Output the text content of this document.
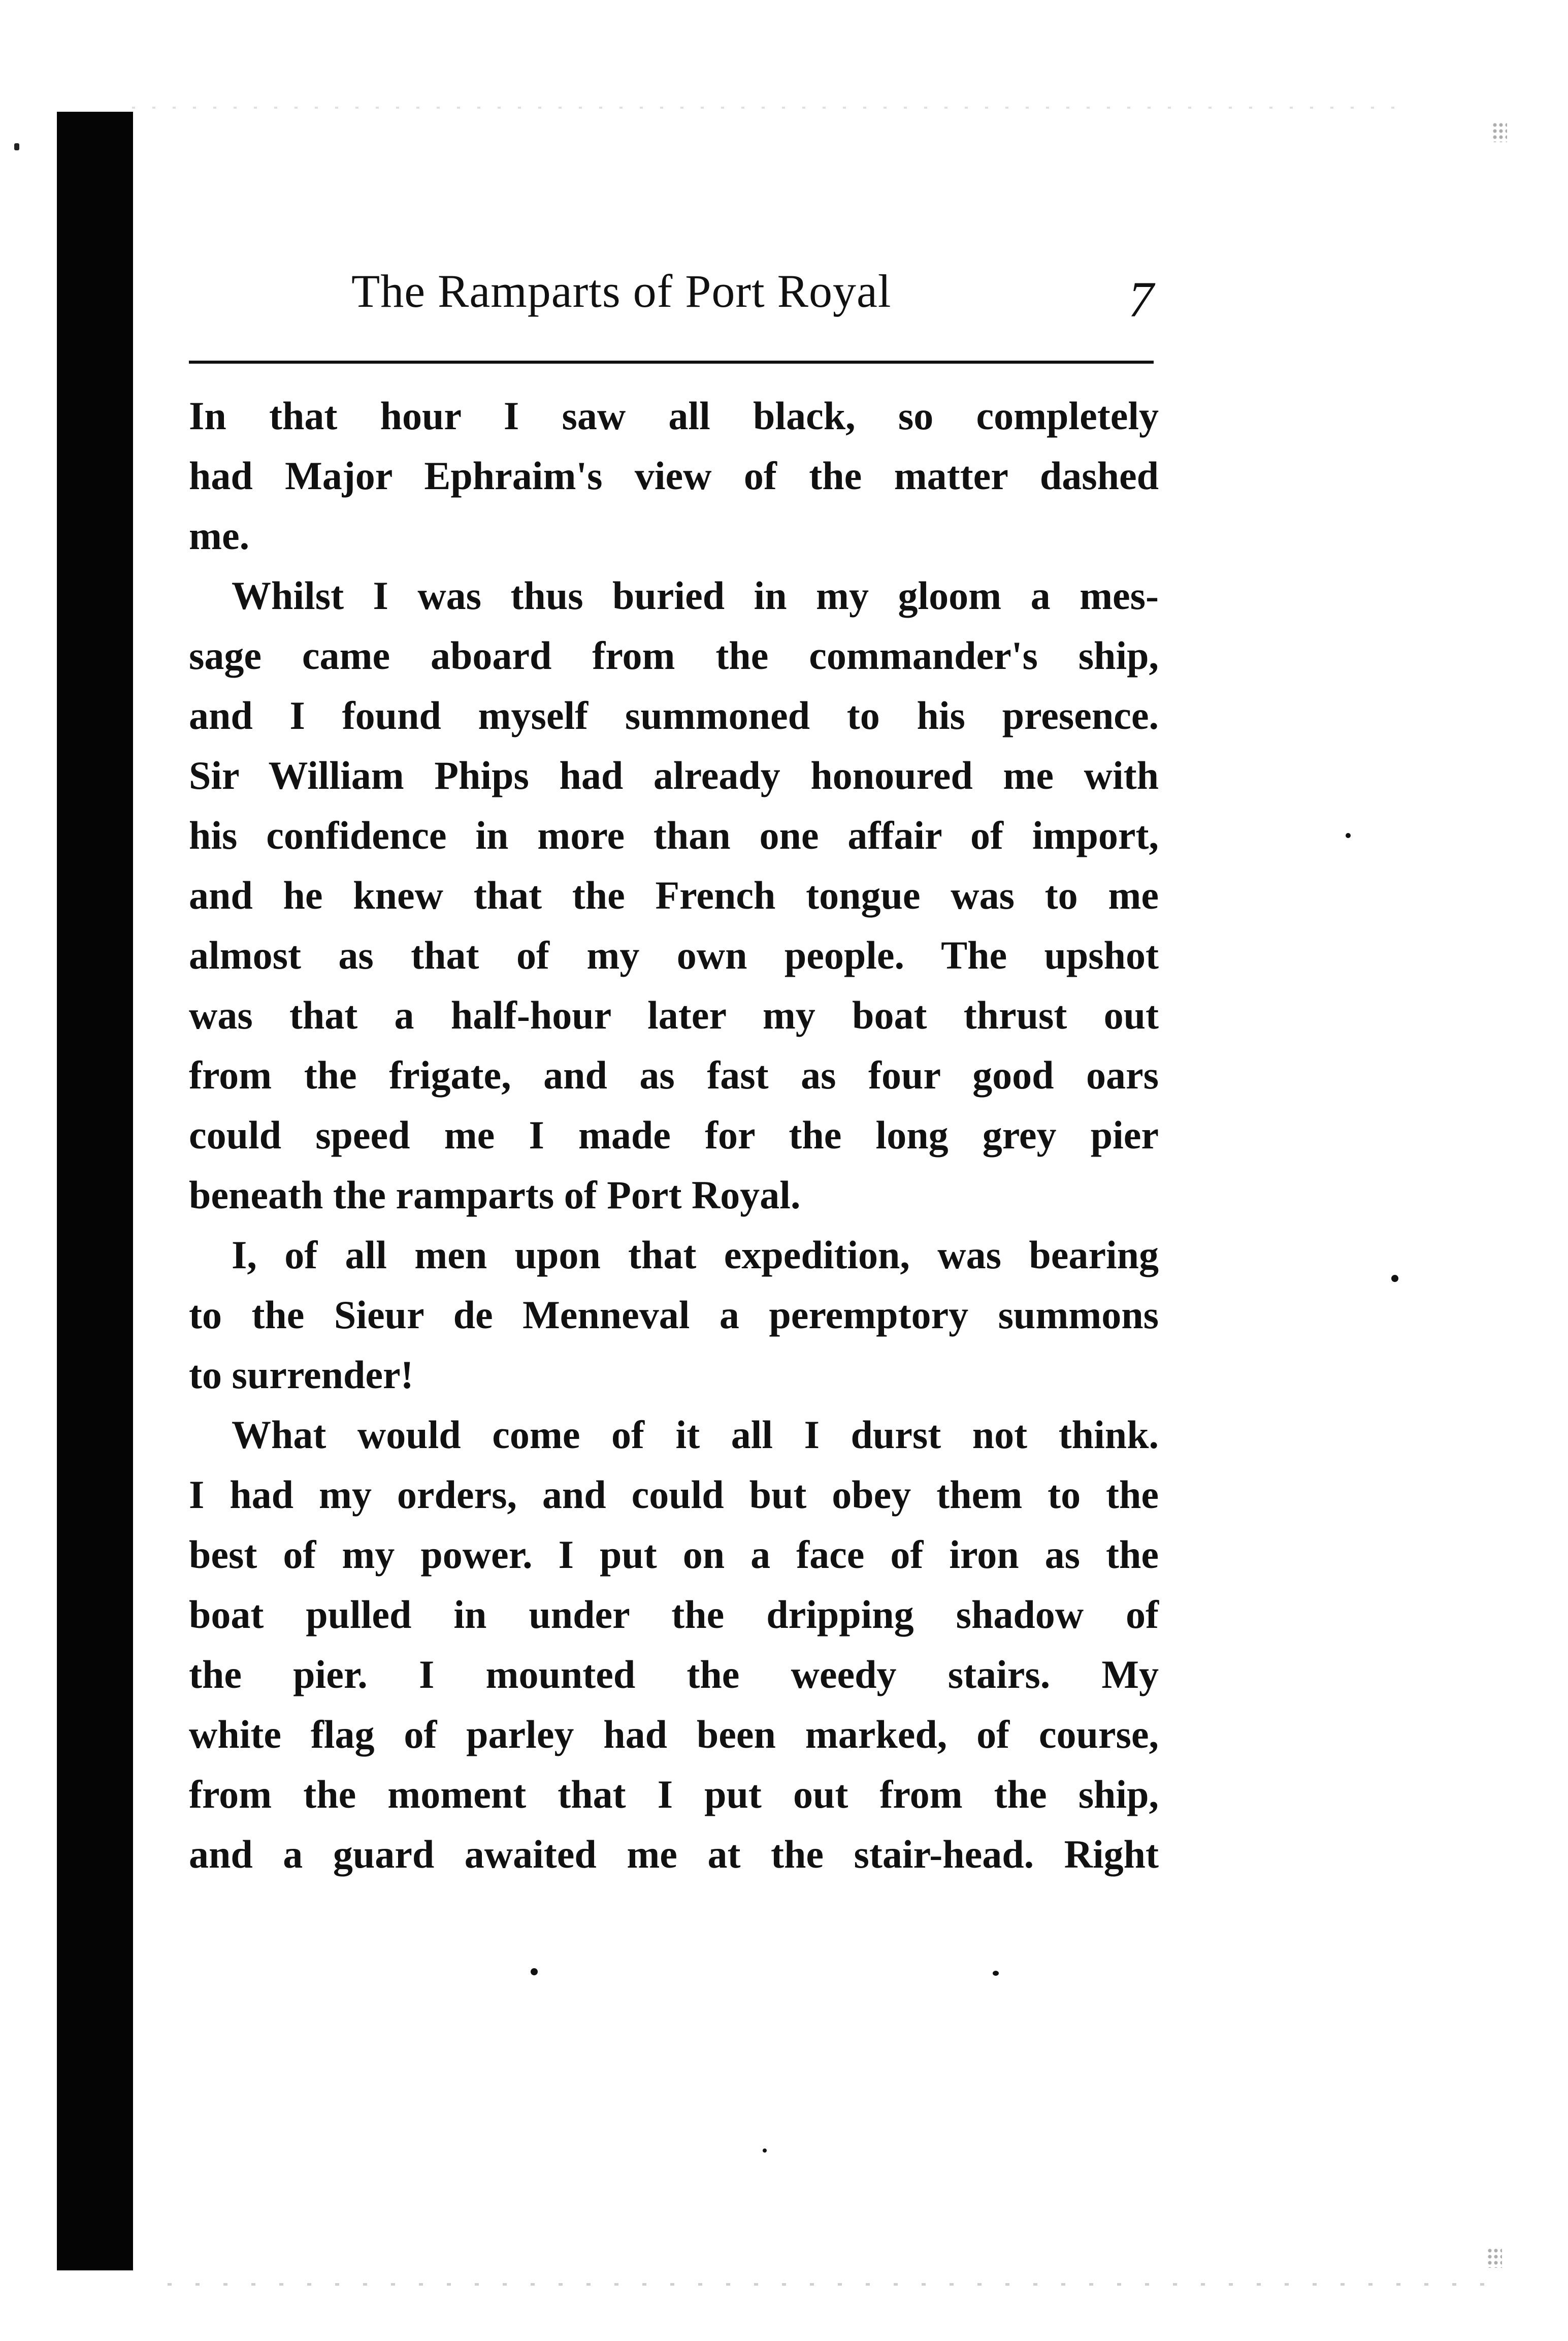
The Ramparts of Port Royal	7
In that hour I saw all black, so completely
had Major Ephraim's view of the matter dashed
me.
Whilst I was thus buried in my gloom a mes-
sage came aboard from the commander's ship,
and I found myself summoned to his presence.
Sir William Phips had already honoured me with
his confidence in more than one affair of import,
and he knew that the French tongue was to me
almost as that of my own people. The upshot
was that a half-hour later my boat thrust out
from the frigate, and as fast as four good oars
could speed me I made for the long grey pier
beneath the ramparts of Port Royal.
I, of all men upon that expedition, was bearing
to the Sieur de Menneval a peremptory summons
to surrender!
What would come of it all I durst not think.
I had my orders, and could but obey them to the
best of my power. I put on a face of iron as the
boat pulled in under the dripping shadow of
the pier. I mounted the weedy stairs. My
white flag of parley had been marked, of course,
from the moment that I put out from the ship,
and a guard awaited me at the stair-head. Right
